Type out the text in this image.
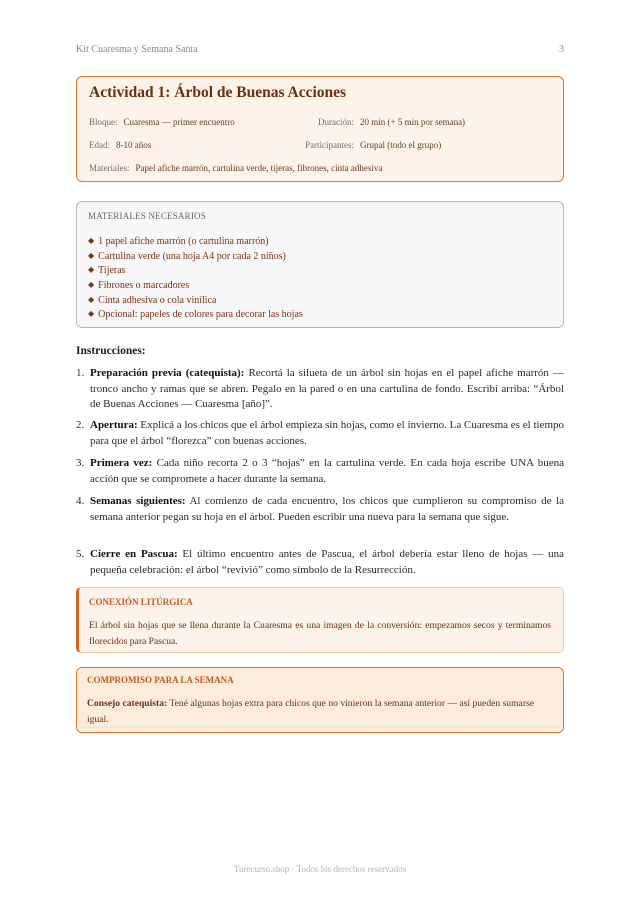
Kit Cuaresma y Semana Santa	3
Actividad 1: Árbol de Buenas Acciones
Bloque: Cuaresma — primer encuentro	Duración: 20 min (+ 5 min por semana)
Edad: 8-10 años	Participantes: Grupal (todo el grupo)
Materiales: Papel afiche marrón, cartulina verde, tijeras, fibrones, cinta adhesiva
MATERIALES NECESARIOS
◆ 1 papel afiche marrón (o cartulina marrón)
◆ Cartulina verde (una hoja A4 por cada 2 niños)
◆ Tijeras
◆ Fibrones o marcadores
◆ Cinta adhesiva o cola vinílica
◆ Opcional: papeles de colores para decorar las hojas
Instrucciones:
1. Preparación previa (catequista): Recortá la silueta de un árbol sin hojas en el papel afiche marrón — tronco ancho y ramas que se abren. Pegalo en la pared o en una cartulina de fondo. Escribí arriba: “Árbol de Buenas Acciones — Cuaresma [año]”.
2. Apertura: Explicá a los chicos que el árbol empieza sin hojas, como el invierno. La Cuaresma es el tiempo para que el árbol “florezca” con buenas acciones.
3. Primera vez: Cada niño recorta 2 o 3 “hojas” en la cartulina verde. En cada hoja escribe UNA buena acción que se compromete a hacer durante la semana.
4. Semanas siguientes: Al comienzo de cada encuentro, los chicos que cumplieron su compromiso de la semana anterior pegan su hoja en el árbol. Pueden escribir una nueva para la semana que sigue.
5. Cierre en Pascua: El último encuentro antes de Pascua, el árbol debería estar lleno de hojas — una pequeña celebración: el árbol “revivió” como símbolo de la Resurrección.
CONEXIÓN LITÚRGICA
El árbol sin hojas que se llena durante la Cuaresma es una imagen de la conversión: empezamos secos y terminamos florecidos para Pascua.
COMPROMISO PARA LA SEMANA
Consejo catequista: Tené algunas hojas extra para chicos que no vinieron la semana anterior — así pueden sumarse igual.
Turecurso.shop · Todos los derechos reservados
